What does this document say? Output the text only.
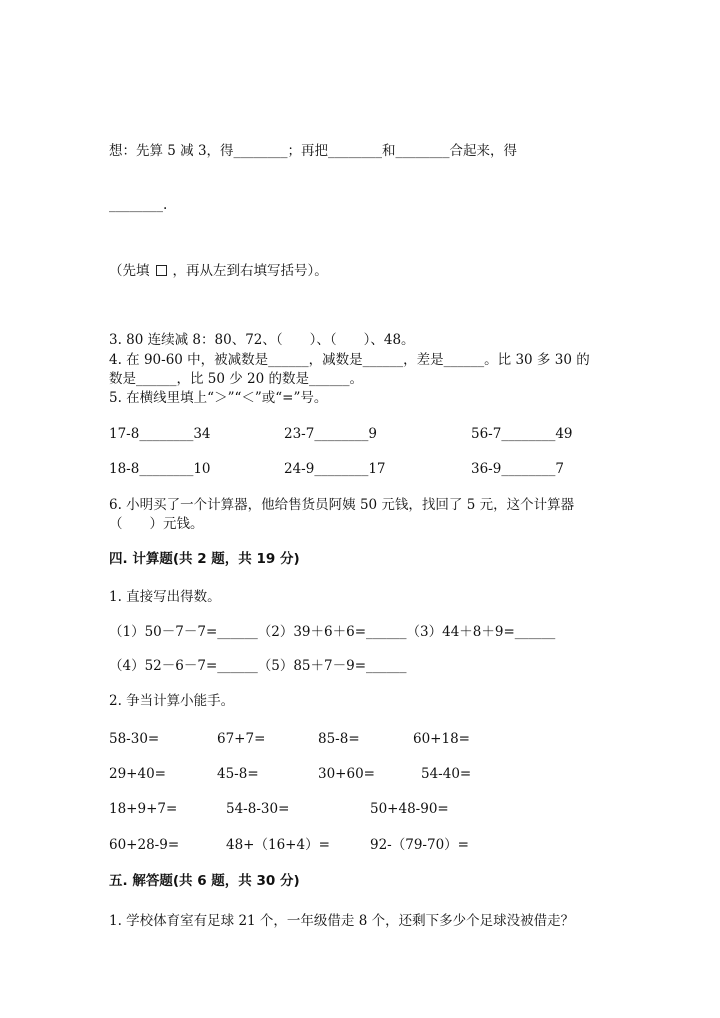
想：先算 5 减 3，得________；再把________和________合起来，得
________.
（先填 ，再从左到右填写括号）。
3. 80 连续减 8：80、72、（　　）、（　　）、48。
4. 在 90-60 中，被减数是______，减数是______，差是______。比 30 多 30 的
数是______，比 50 少 20 的数是______。
5. 在横线里填上“＞”“＜”或“=”号。
17-8________34	23-7________9	56-7________49
18-8________10	24-9________17	36-9________7
6. 小明买了一个计算器，他给售货员阿姨 50 元钱，找回了 5 元，这个计算器
（　　）元钱。
四. 计算题(共 2 题，共 19 分)
1. 直接写出得数。
（1）50－7－7=______（2）39＋6＋6=______（3）44＋8＋9=______
（4）52－6－7=______（5）85＋7－9=______
2. 争当计算小能手。
58-30=	67+7=	85-8=	60+18=
29+40=	45-8=	30+60=	54-40=
18+9+7=	54-8-30=	50+48-90=
60+28-9=	48+（16+4）=	92-（79-70）=
五. 解答题(共 6 题，共 30 分)
1. 学校体育室有足球 21 个，一年级借走 8 个，还剩下多少个足球没被借走？
